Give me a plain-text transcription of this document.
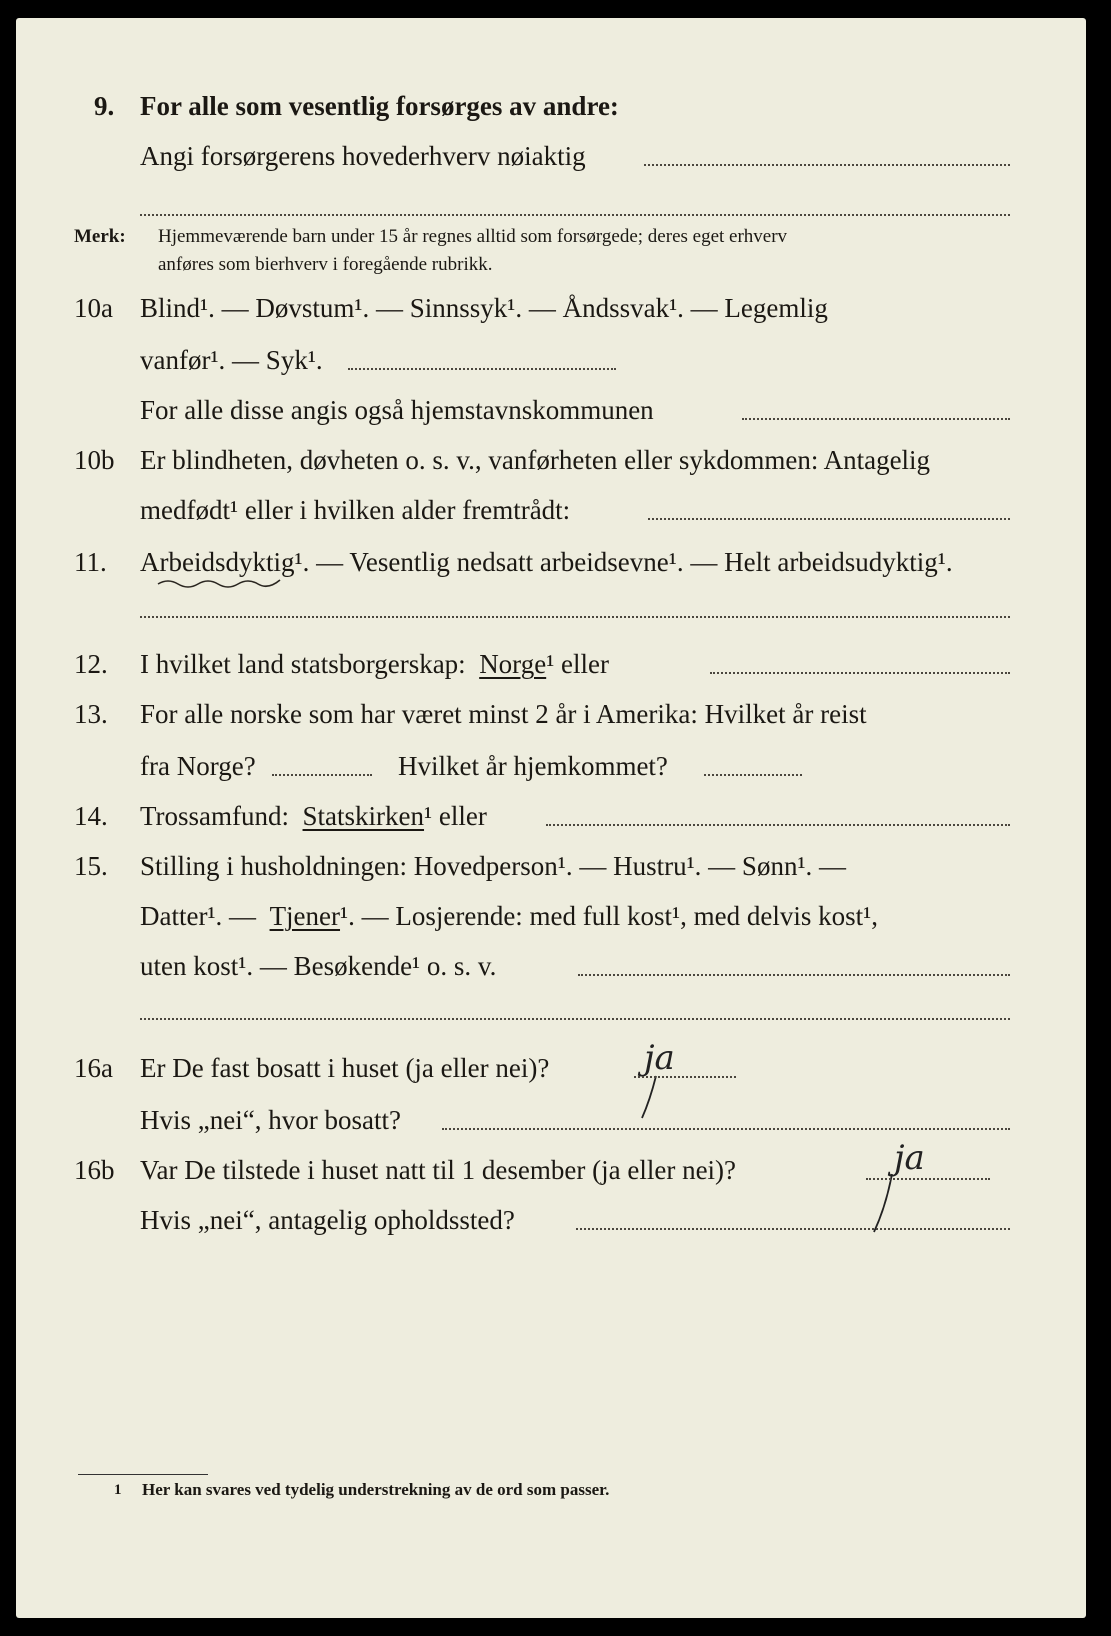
9. For alle som vesentlig forsørges av andre:
Angi forsørgerens hovederhverv nøiaktig
Merk: Hjemmeværende barn under 15 år regnes alltid som forsørgede; deres eget erhverv
anføres som bierhverv i foregående rubrikk.
10a Blind¹. — Døvstum¹. — Sinnssyk¹. — Åndssvak¹. — Legemlig
vanfør¹. — Syk¹.
For alle disse angis også hjemstavnskommunen
10b Er blindheten, døvheten o. s. v., vanførheten eller sykdommen: Antagelig
medfødt¹ eller i hvilken alder fremtrådt:
11. Arbeidsdyktig¹. — Vesentlig nedsatt arbeidsevne¹. — Helt arbeidsudyktig¹.
12. I hvilket land statsborgerskap: Norge¹ eller
13. For alle norske som har været minst 2 år i Amerika: Hvilket år reist
fra Norge?	Hvilket år hjemkommet?
14. Trossamfund: Statskirken¹ eller
15. Stilling i husholdningen: Hovedperson¹. — Hustru¹. — Sønn¹. —
Datter¹. — Tjener¹. — Losjerende: med full kost¹, med delvis kost¹,
uten kost¹. — Besøkende¹ o. s. v.
16a Er De fast bosatt i huset (ja eller nei)?	ja
Hvis „nei“, hvor bosatt?
16b Var De tilstede i huset natt til 1 desember (ja eller nei)?	ja
Hvis „nei“, antagelig opholdssted?
1 Her kan svares ved tydelig understrekning av de ord som passer.
